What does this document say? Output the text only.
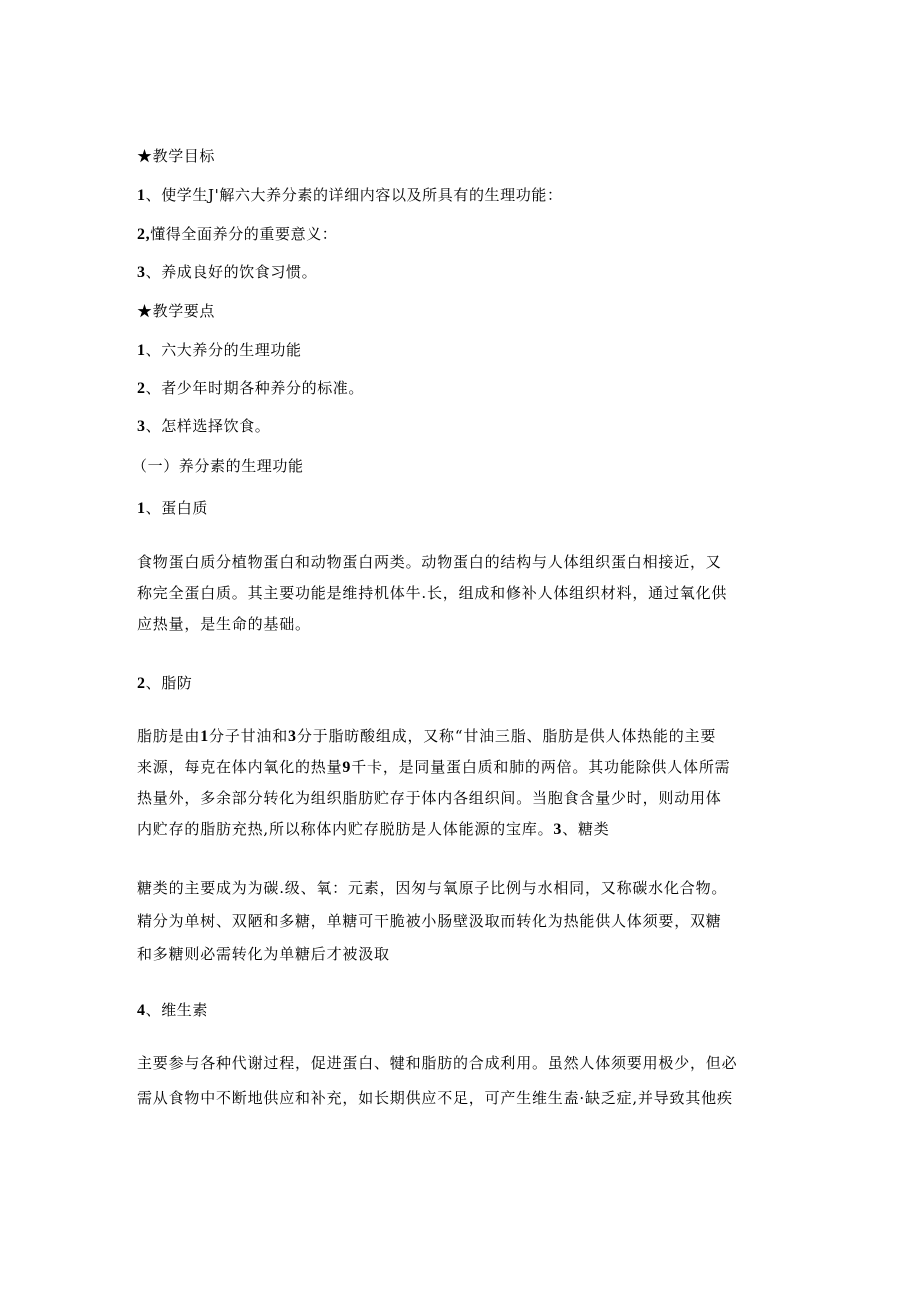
★教学目标
1、使学生J'解六大养分素的详细内容以及所具有的生理功能：
2,懂得全面养分的重要意义：
3、养成良好的饮食习惯。
★教学要点
1、六大养分的生理功能
2、者少年时期各种养分的标准。
3、怎样选择饮食。
（一）养分素的生理功能
1、蛋白质
食物蛋白质分植物蛋白和动物蛋白两类。动物蛋白的结构与人体组织蛋白相接近，又
称完全蛋白质。其主要功能是维持机体牛.长，组成和修补人体组织材料，通过氧化供
应热量，是生命的基础。
2、脂防
脂肪是由1分子甘油和3分于脂昉酸组成，又称“甘油三脂、脂肪是供人体热能的主要
来源，每克在体内氧化的热量9千卡，是同量蛋白质和肺的两倍。其功能除供人体所需
热量外，多余部分转化为组织脂肪贮存于体内各组织间。当胞食含量少时，则动用体
内贮存的脂肪充热,所以称体内贮存脱肪是人体能源的宝库。3、糖类
糖类的主要成为为碳.级、氧：元素，因匆与氧原子比例与水相同，又称碳水化合物。
精分为单树、双陋和多糖，单糖可干脆被小肠壁汲取而转化为热能供人体须要，双糖
和多糖则必需转化为单糖后才被汲取
4、维生素
主要参与各种代谢过程，促进蛋白、犍和脂肪的合成利用。虽然人体须要用极少，但必
需从食物中不断地供应和补充，如长期供应不足，可产生维生盍·缺乏症,并导致其他疾
